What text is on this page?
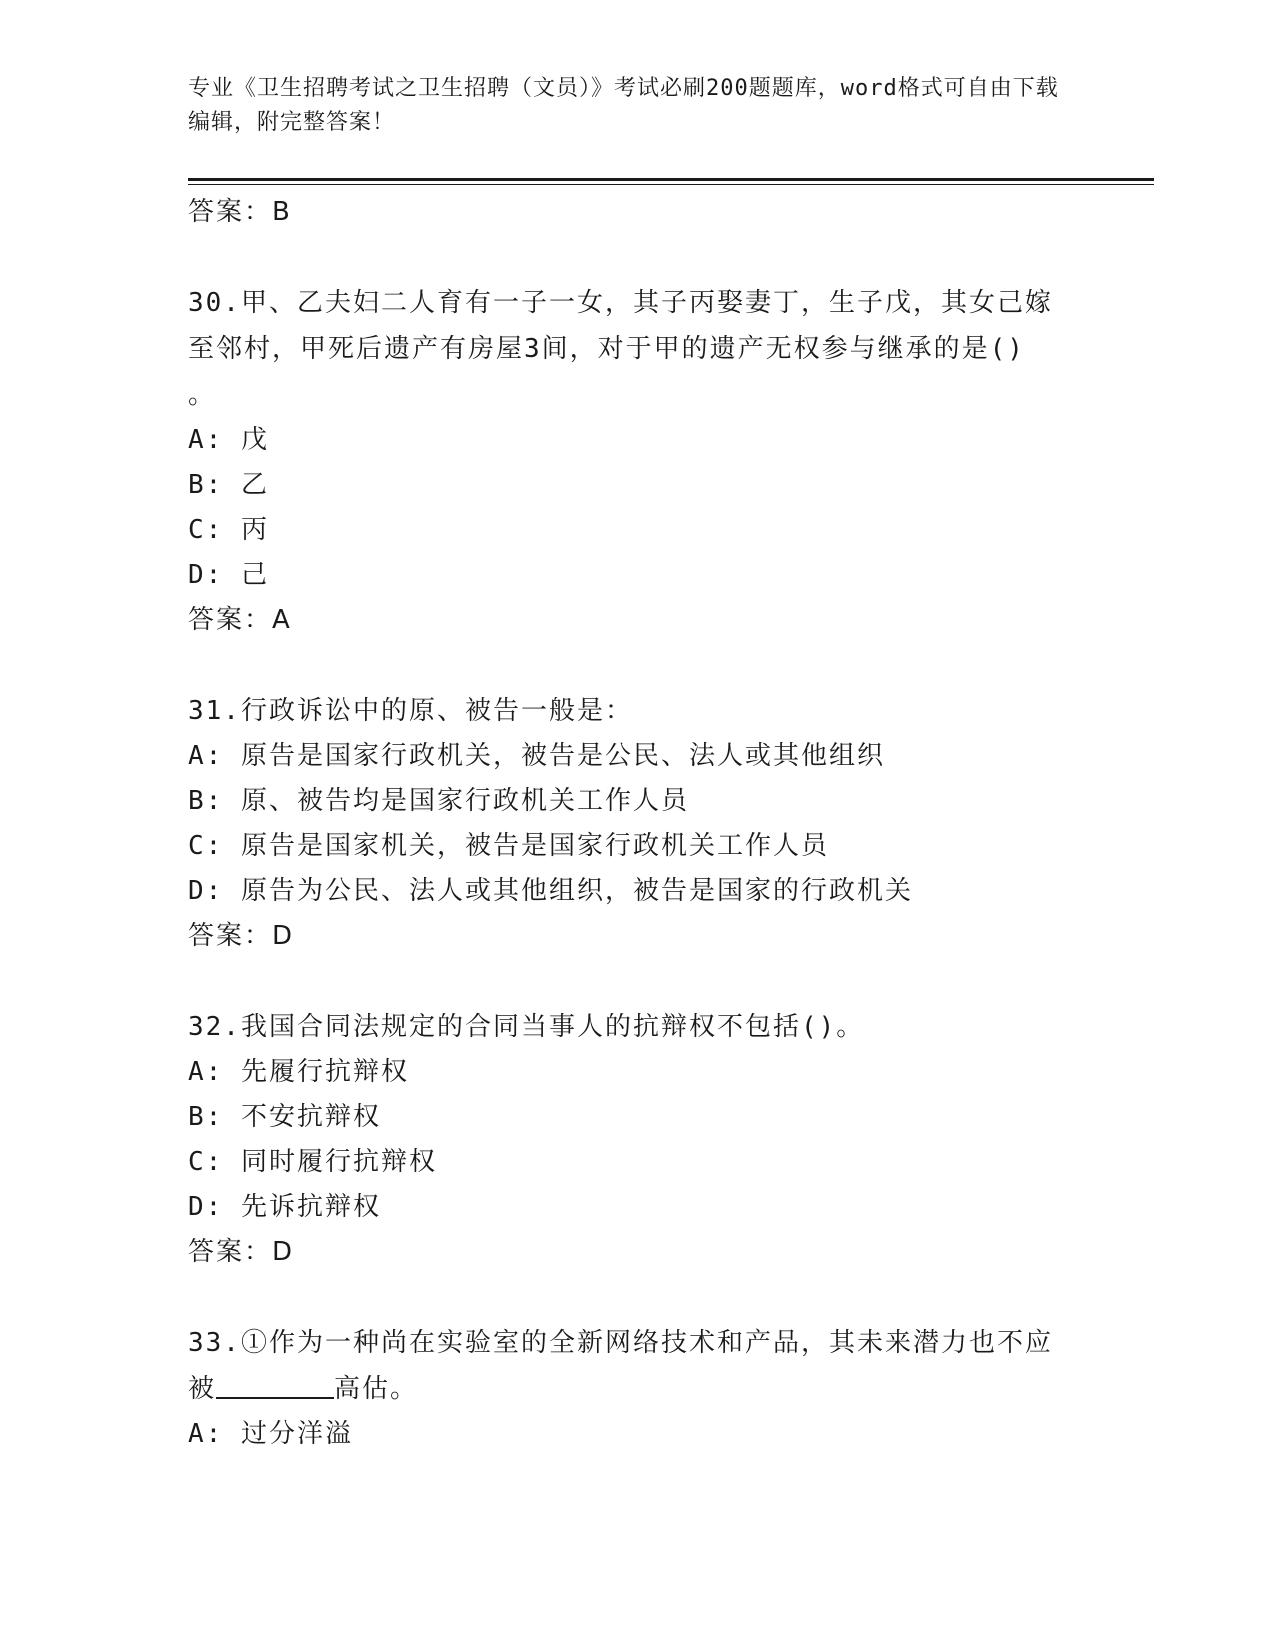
专业《卫生招聘考试之卫生招聘（文员）》考试必刷200题题库，word格式可自由下载编辑，附完整答案！
答案：B
30.甲、乙夫妇二人育有一子一女，其子丙娶妻丁，生子戊，其女己嫁
至邻村，甲死后遗产有房屋3间，对于甲的遗产无权参与继承的是()
。
A: 戊
B: 乙
C: 丙
D: 己
答案：A
31.行政诉讼中的原、被告一般是：
A: 原告是国家行政机关，被告是公民、法人或其他组织
B: 原、被告均是国家行政机关工作人员
C: 原告是国家机关，被告是国家行政机关工作人员
D: 原告为公民、法人或其他组织，被告是国家的行政机关
答案：D
32.我国合同法规定的合同当事人的抗辩权不包括()。
A: 先履行抗辩权
B: 不安抗辩权
C: 同时履行抗辩权
D: 先诉抗辩权
答案：D
33.①作为一种尚在实验室的全新网络技术和产品，其未来潜力也不应
被	高估。
A: 过分洋溢
